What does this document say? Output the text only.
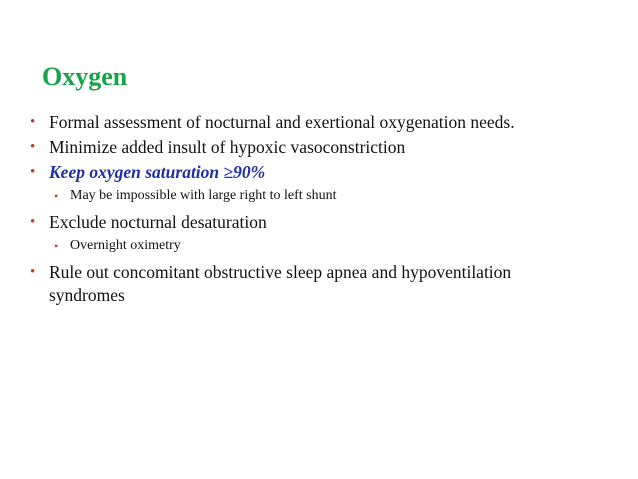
Oxygen
• Formal assessment of nocturnal and exertional oxygenation needs.
• Minimize added insult of hypoxic vasoconstriction
• Keep oxygen saturation ≥90%
• May be impossible with large right to left shunt
• Exclude nocturnal desaturation
• Overnight oximetry
• Rule out concomitant obstructive sleep apnea and hypoventilation syndromes
